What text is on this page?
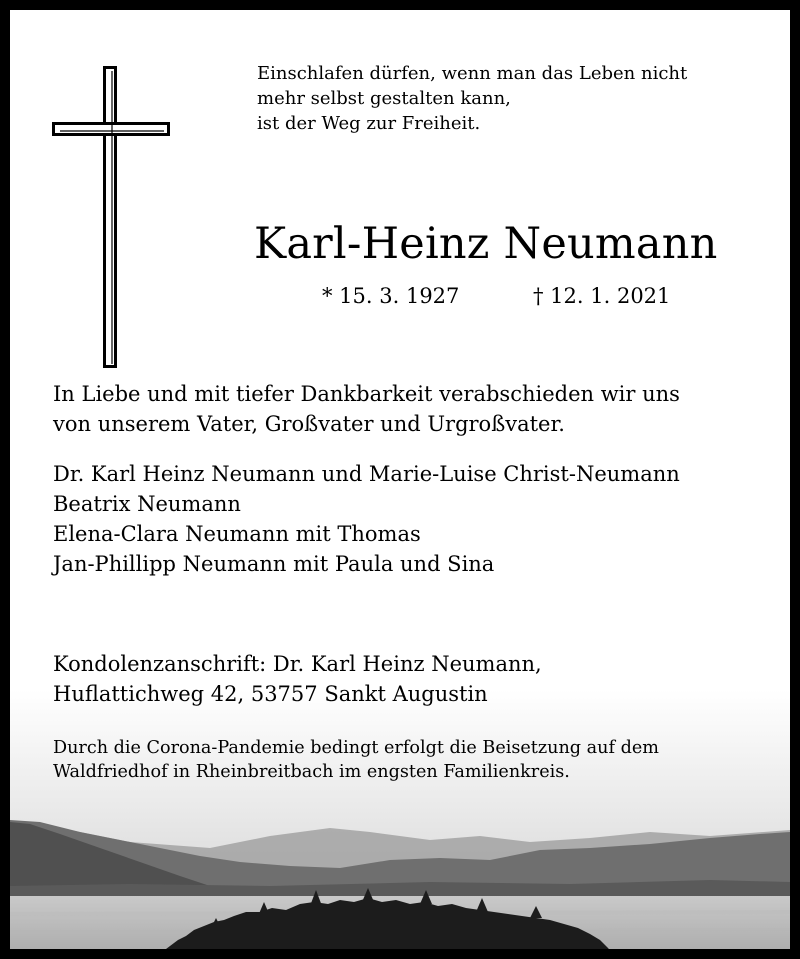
Einschlafen dürfen, wenn man das Leben nicht
mehr selbst gestalten kann,
ist der Weg zur Freiheit.
Karl-Heinz Neumann
* 15. 3. 1927	† 12. 1. 2021
In Liebe und mit tiefer Dankbarkeit verabschieden wir uns
von unserem Vater, Großvater und Urgroßvater.
Dr. Karl Heinz Neumann und Marie-Luise Christ-Neumann
Beatrix Neumann
Elena-Clara Neumann mit Thomas
Jan-Phillipp Neumann mit Paula und Sina
Kondolenzanschrift: Dr. Karl Heinz Neumann,
Huflattichweg 42, 53757 Sankt Augustin
Durch die Corona-Pandemie bedingt erfolgt die Beisetzung auf dem
Waldfriedhof in Rheinbreitbach im engsten Familienkreis.
